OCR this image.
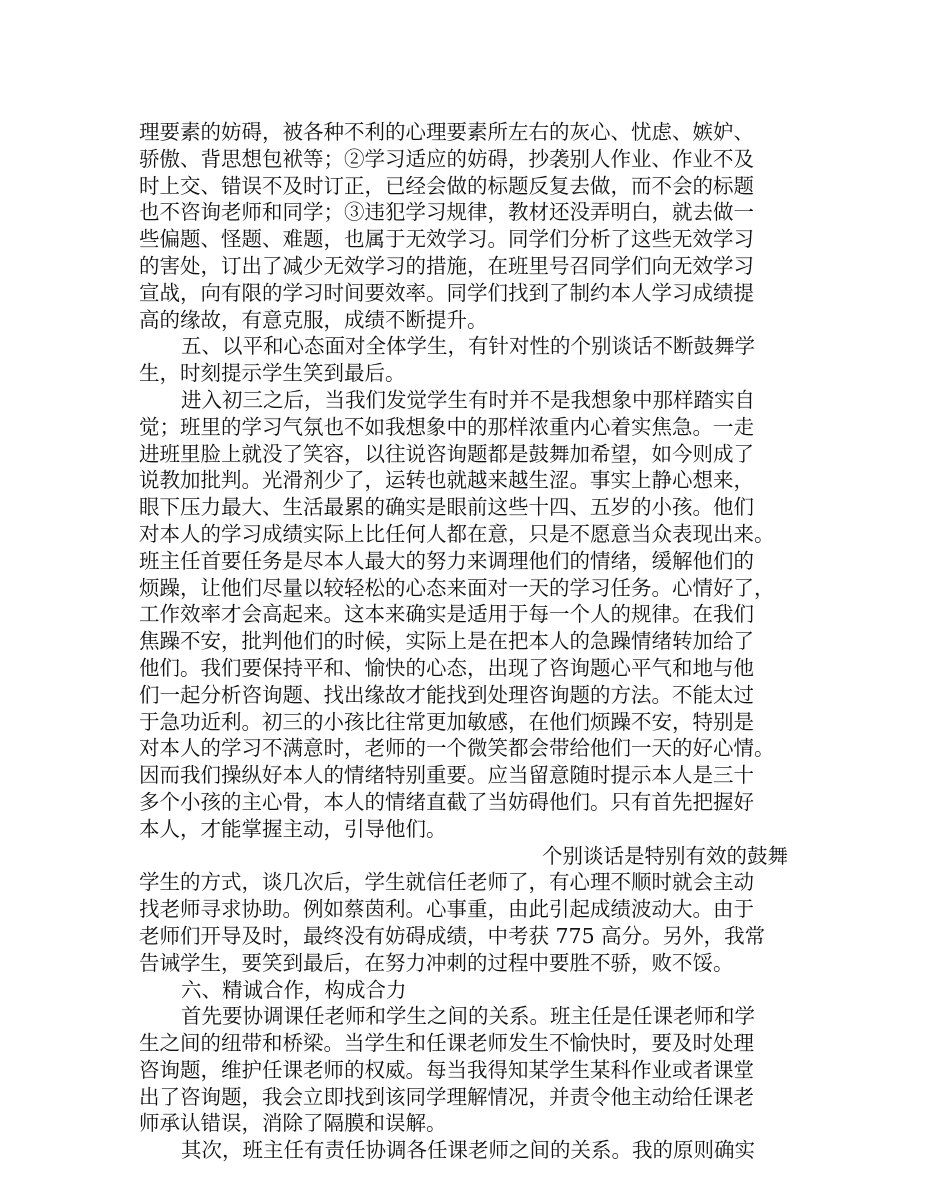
理要素的妨碍，被各种不利的心理要素所左右的灰心、忧虑、嫉妒、
骄傲、背思想包袱等；②学习适应的妨碍，抄袭别人作业、作业不及
时上交、错误不及时订正，已经会做的标题反复去做，而不会的标题
也不咨询老师和同学；③违犯学习规律，教材还没弄明白，就去做一
些偏题、怪题、难题，也属于无效学习。同学们分析了这些无效学习
的害处，订出了减少无效学习的措施，在班里号召同学们向无效学习
宣战，向有限的学习时间要效率。同学们找到了制约本人学习成绩提
高的缘故，有意克服，成绩不断提升。
五、以平和心态面对全体学生，有针对性的个别谈话不断鼓舞学
生，时刻提示学生笑到最后。
进入初三之后，当我们发觉学生有时并不是我想象中那样踏实自
觉；班里的学习气氛也不如我想象中的那样浓重内心着实焦急。一走
进班里脸上就没了笑容，以往说咨询题都是鼓舞加希望，如今则成了
说教加批判。光滑剂少了，运转也就越来越生涩。事实上静心想来，
眼下压力最大、生活最累的确实是眼前这些十四、五岁的小孩。他们
对本人的学习成绩实际上比任何人都在意，只是不愿意当众表现出来。
班主任首要任务是尽本人最大的努力来调理他们的情绪，缓解他们的
烦躁，让他们尽量以较轻松的心态来面对一天的学习任务。心情好了，
工作效率才会高起来。这本来确实是适用于每一个人的规律。在我们
焦躁不安，批判他们的时候，实际上是在把本人的急躁情绪转加给了
他们。我们要保持平和、愉快的心态，出现了咨询题心平气和地与他
们一起分析咨询题、找出缘故才能找到处理咨询题的方法。不能太过
于急功近利。初三的小孩比往常更加敏感，在他们烦躁不安，特别是
对本人的学习不满意时，老师的一个微笑都会带给他们一天的好心情。
因而我们操纵好本人的情绪特别重要。应当留意随时提示本人是三十
多个小孩的主心骨，本人的情绪直截了当妨碍他们。只有首先把握好
本人，才能掌握主动，引导他们。
个别谈话是特别有效的鼓舞
学生的方式，谈几次后，学生就信任老师了，有心理不顺时就会主动
找老师寻求协助。例如蔡茵利。心事重，由此引起成绩波动大。由于
老师们开导及时，最终没有妨碍成绩，中考获 775 高分。另外，我常
告诫学生，要笑到最后，在努力冲刺的过程中要胜不骄，败不馁。
六、精诚合作，构成合力
首先要协调课任老师和学生之间的关系。班主任是任课老师和学
生之间的纽带和桥梁。当学生和任课老师发生不愉快时，要及时处理
咨询题，维护任课老师的权威。每当我得知某学生某科作业或者课堂
出了咨询题，我会立即找到该同学理解情况，并责令他主动给任课老
师承认错误，消除了隔膜和误解。
其次，班主任有责任协调各任课老师之间的关系。我的原则确实
